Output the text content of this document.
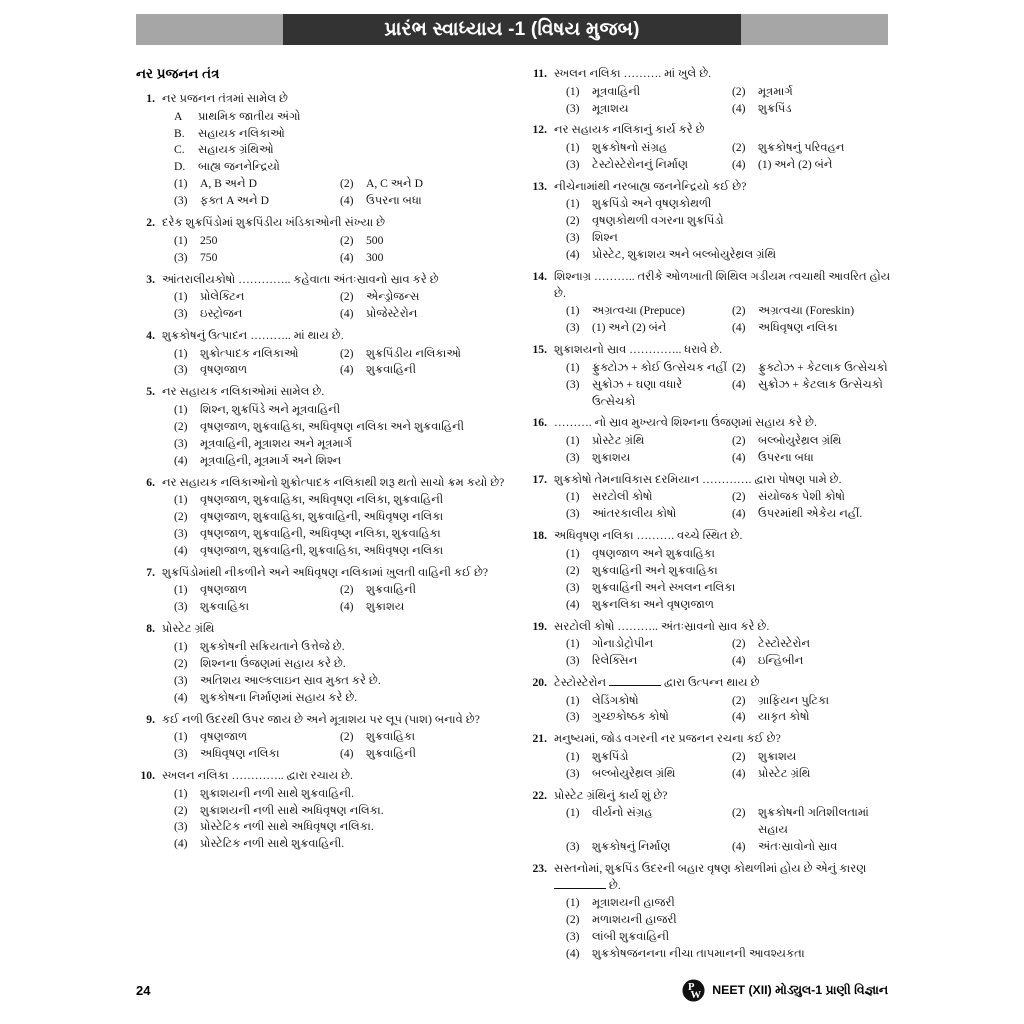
પ્રારંભ સ્વાધ્યાય -1 (વિષય મુજબ)
નર પ્રજનન તંત્ર
1. નર પ્રજનન તંત્રમાં સામેલ છે
A	પ્રાથમિક જાતીય અંગો
B.	સહાયક નલિકાઓ
C.	સહાયક ગ્રંથિઓ
D.	બાહ્ય જનનેન્દ્રિયો
(1)	A, B અને D	(2)	A, C અને D
(3)	ફક્ત A અને D	(4)	ઉપરના બધા
2. દરેક શુક્રપિંડોમાં શુક્રપિંડીય ખંડિકાઓની સંખ્યા છે
(1)	250	(2)	500
(3)	750	(4)	300
3. આંતરાલીયકોષો ………….. કહેવાતા અંતઃસ્રાવનો સ્રાવ કરે છે
(1)	પ્રોલેક્ટિન	(2)	એન્ડ્રોજન્સ
(3)	ઇસ્ટ્રોજન	(4)	પ્રોજેસ્ટેરોન
4. શુક્રકોષનું ઉત્પાદન ……….. માં થાય છે.
(1)	શુક્રોત્પાદક નલિકાઓ	(2)	શુક્રપિંડીય નલિકાઓ
(3)	વૃષણજાળ	(4)	શુક્રવાહિની
5. નર સહાયક નલિકાઓમાં સામેલ છે.
(1)	શિશ્ન, શુક્રપિંડે અને મૂત્રવાહિની
(2)	વૃષણજાળ, શુક્રવાહિકા, અધિવૃષણ નલિકા અને શુક્રવાહિની
(3)	મૂત્રવાહિની, મૂત્રાશય અને મૂત્રમાર્ગ
(4)	મૂત્રવાહિની, મૂત્રમાર્ગ અને શિશ્ન
6. નર સહાયક નલિકાઓનો શુક્રોત્પાદક નલિકાથી શરૂ થતો સાચો ક્રમ કયો છે?
(1)	વૃષણજાળ, શુક્રવાહિકા, અધિવૃષણ નલિકા, શુક્રવાહિની
(2)	વૃષણજાળ, શુક્રવાહિકા, શુક્રવાહિની, અધિવૃષણ નલિકા
(3)	વૃષણજાળ, શુક્રવાહિની, અધિવૃષ્ણ નલિકા, શુક્રવાહિકા
(4)	વૃષણજાળ, શુક્રવાહિની, શુક્રવાહિકા, અધિવૃષણ નલિકા
7. શુક્રપિંડોમાંથી નીકળીને અને અધિવૃષણ નલિકામાં ખુલતી વાહિની કઈ છે?
(1)	વૃષણજાળ	(2)	શુક્રવાહિની
(3)	શુક્રવાહિકા	(4)	શુક્રાશય
8. પ્રોસ્ટેટ ગ્રંથિ
(1)	શુક્રકોષની સક્રિયતાને ઉત્તેજે છે.
(2)	શિશ્નના ઉંજણમાં સહાય કરે છે.
(3)	અતિશય આલ્કલાઇન સ્રાવ મુક્ત કરે છે.
(4)	શુક્રકોષના નિર્માણમાં સહાય કરે છે.
9. કઈ નળી ઉદરથી ઉપર જાય છે અને મૂત્રાશય પર લૂપ (પાશ) બનાવે છે?
(1)	વૃષણજાળ	(2)	શુક્રવાહિકા
(3)	અધિવૃષણ નલિકા	(4)	શુક્રવાહિની
10. સ્ખલન નલિકા ………….. દ્વારા રચાય છે.
(1)	શુક્રાશયની નળી સાથે શુક્રવાહિની.
(2)	શુક્રાશયની નળી સાથે અધિવૃષણ નલિકા.
(3)	પ્રોસ્ટેટિક નળી સાથે અધિવૃષણ નલિકા.
(4)	પ્રોસ્ટેટિક નળી સાથે શુક્રવાહિની.
11. સ્ખલન નલિકા ………. માં ખુલે છે.
(1)	મૂત્રવાહિની	(2)	મૂત્રમાર્ગ
(3)	મૂત્રાશય	(4)	શુક્રપિંડ
12. નર સહાયક નલિકાનું કાર્ય કરે છે
(1)	શુક્રકોષનો સંગ્રહ	(2)	શુક્રકોષનું પરિવહન
(3)	ટેસ્ટોસ્ટેરોનનું નિર્માણ	(4)	(1) અને (2) બંને
13. નીચેનામાંથી નરબાહ્ય જનનેન્દ્રિયો કઈ છે?
(1)	શુક્રપિંડો અને વૃષણકોથળી
(2)	વૃષણકોથળી વગરના શુક્રપિંડો
(3)	શિશ્ન
(4)	પ્રોસ્ટેટ, શુક્રાશય અને બલ્બોયુરેથ્રલ ગ્રંથિ
14. શિશ્નાગ્ર ……….. તરીકે ઓળખાતી શિથિલ ગડીયમ ત્વચાથી આવરિત હોય છે.
(1)	અગ્રત્વચા (Prepuce)	(2)	અગ્રત્વચા (Foreskin)
(3)	(1) અને (2) બંને	(4)	અધિવૃષણ નલિકા
15. શુક્રાશયનો સ્રાવ ………….. ધરાવે છે.
(1)	ફ્રુક્ટોઝ + કોઈ ઉત્સેચક નહીં (2)	ફ્રુક્ટોઝ + કેટલાક ઉત્સેચકો
(3)	સુક્રોઝ + ઘણા વધારે ઉત્સેચકો
(4)	સુક્રોઝ + કેટલાક ઉત્સેચકો
16. ………. નો સ્રાવ મુખ્યત્વે શિશ્નના ઉંજણમાં સહાય કરે છે.
(1)	પ્રોસ્ટેટ ગ્રંથિ	(2)	બલ્બોયુરેથ્રલ ગ્રંથિ
(3)	શુક્રાશય	(4)	ઉપરના બધા
17. શુક્રકોષો તેમનાવિકાસ દરમિયાન …………. દ્વારા પોષણ પામે છે.
(1)	સરટોલી કોષો	(2)	સંયોજક પેશી કોષો
(3)	આંતરકાલીય કોષો	(4)	ઉપરમાંથી એકેય નહીં.
18. અધિવૃષણ નલિકા ………. વચ્ચે સ્થિત છે.
(1)	વૃષણજાળ અને શુક્રવાહિકા
(2)	શુક્રવાહિની અને શુક્રવાહિકા
(3)	શુક્રવાહિની અને સ્ખલન નલિકા
(4)	શુક્રનલિકા અને વૃષણજાળ
19. સરટોલી કોષો ……….. અંતઃસ્રાવનો સ્રાવ કરે છે.
(1)	ગોનાડોટ્રોપીન	(2)	ટેસ્ટોસ્ટેરોન
(3)	રિલેક્સિન	(4)	ઇન્હિબીન
20. ટેસ્ટોસ્ટેરોન	દ્વારા ઉત્પન્ન થાય છે
(1)	લેડિંગકોષો	(2)	ગ્રાફિયન પુટિકા
(3)	ગુચ્છકોષ્ઠક કોષો	(4)	યાકૃત કોષો
21. મનુષ્યમાં, જોડ વગરની નર પ્રજનન રચના કઈ છે?
(1)	શુક્રપિંડો	(2)	શુક્રાશય
(3)	બલ્બોયુરેથ્રલ ગ્રંથિ	(4)	પ્રોસ્ટેટ ગ્રંથિ
22. પ્રોસ્ટેટ ગ્રંથિનું કાર્ય શું છે?
(1)	વીર્યનો સંગ્રહ	(2)	શુક્રકોષની ગતિશીલતામાં સહાય
(3)	શુક્રકોષનું નિર્માણ	(4)	અંતઃસ્રાવોનો સ્રાવ
23. સસ્તનોમાં, શુક્રપિંડ ઉદરની બહાર વૃષણ કોથળીમાં હોય છે એનું કારણ  છે.
(1)	મૂત્રાશયની હાજરી
(2)	મળાશયની હાજરી
(3)	લાંબી શુક્રવાહિની
(4)	શુક્રકોષજનનના નીચા તાપમાનની આવશ્યકતા
24	P
W NEET (XII) મોડ્યુલ-1 પ્રાણી વિજ્ઞાન
